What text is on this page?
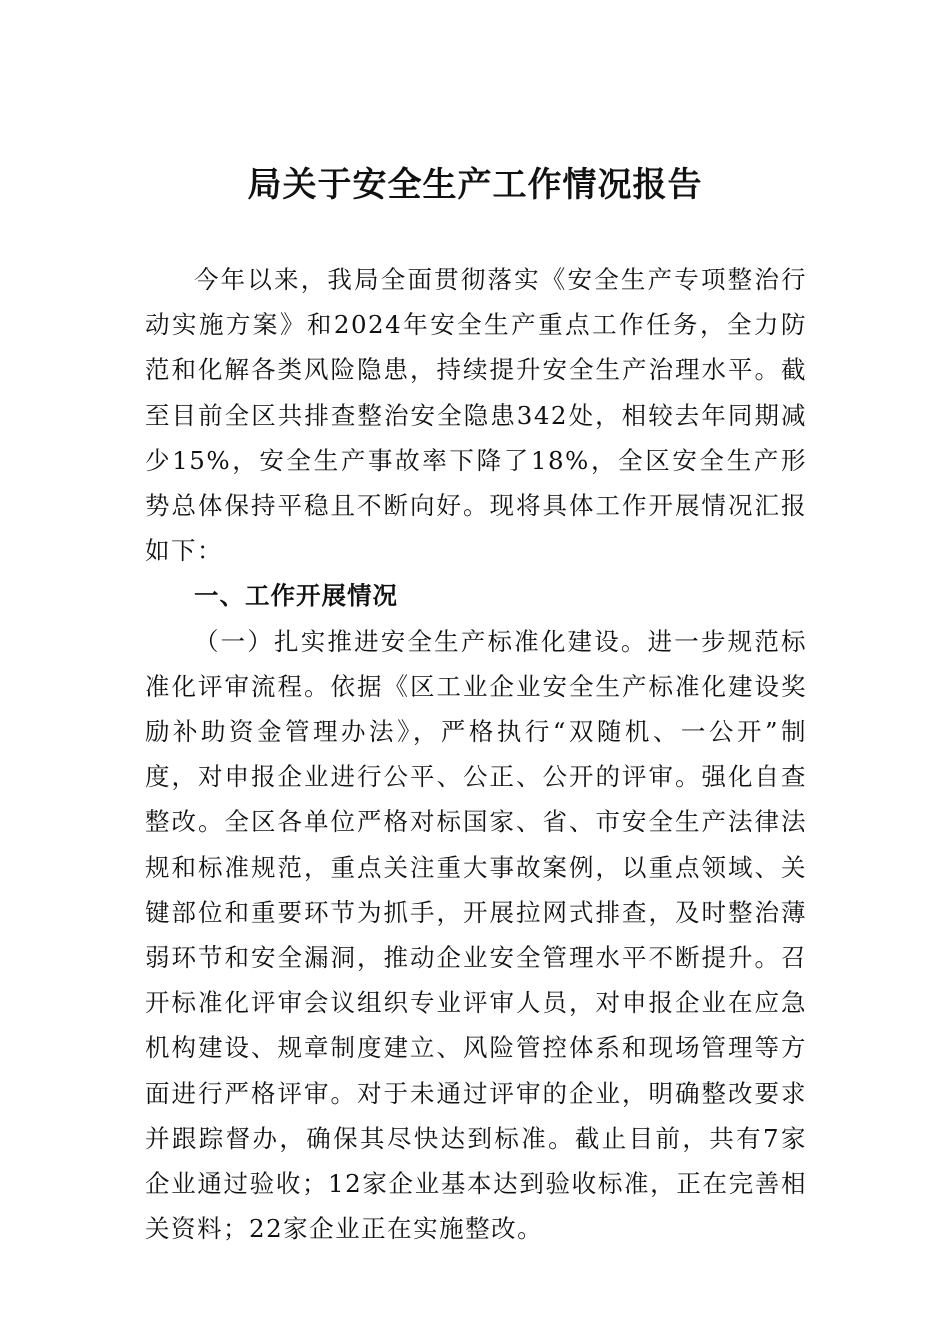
局关于安全生产工作情况报告

今年以来，我局全面贯彻落实《安全生产专项整治行动实施方案》和2024年安全生产重点工作任务，全力防范和化解各类风险隐患，持续提升安全生产治理水平。截至目前全区共排查整治安全隐患342处，相较去年同期减少15%，安全生产事故率下降了18%，全区安全生产形势总体保持平稳且不断向好。现将具体工作开展情况汇报如下：

一、工作开展情况

（一）扎实推进安全生产标准化建设。进一步规范标准化评审流程。依据《区工业企业安全生产标准化建设奖励补助资金管理办法》，严格执行“双随机、一公开”制度，对申报企业进行公平、公正、公开的评审。强化自查整改。全区各单位严格对标国家、省、市安全生产法律法规和标准规范，重点关注重大事故案例，以重点领域、关键部位和重要环节为抓手，开展拉网式排查，及时整治薄弱环节和安全漏洞，推动企业安全管理水平不断提升。召开标准化评审会议组织专业评审人员，对申报企业在应急机构建设、规章制度建立、风险管控体系和现场管理等方面进行严格评审。对于未通过评审的企业，明确整改要求并跟踪督办，确保其尽快达到标准。截止目前，共有7家企业通过验收；12家企业基本达到验收标准，正在完善相关资料；22家企业正在实施整改。
